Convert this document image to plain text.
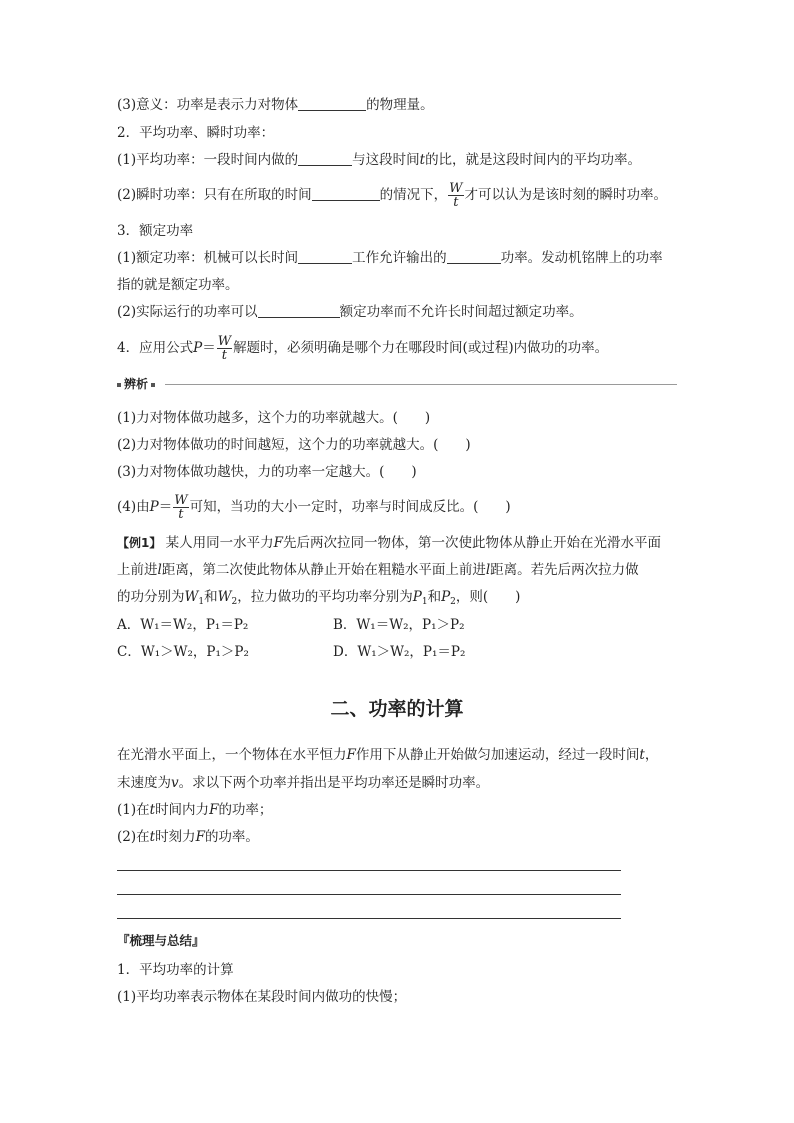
(3)意义：功率是表示力对物体	的物理量。
2．平均功率、瞬时功率：
(1)平均功率：一段时间内做的	与这段时间t的比，就是这段时间内的平均功率。
(2)瞬时功率：只有在所取的时间	的情况下， $\frac{W}{t}$ 才可以认为是该时刻的瞬时功率。
3．额定功率
(1)额定功率：机械可以长时间	工作允许输出的	功率。发动机铭牌上的功率
指的就是额定功率。
(2)实际运行的功率可以	额定功率而不允许长时间超过额定功率。
4．应用公式$P= \frac{W}{t}$ 解题时，必须明确是哪个力在哪段时间(或过程)内做功的功率。
辨析
(1)力对物体做功越多，这个力的功率就越大。(　　)
(2)力对物体做功的时间越短，这个力的功率就越大。(　　)
(3)力对物体做功越快，力的功率一定越大。(　　)
(4)由$P= \frac{W}{t}$ 可知，当功的大小一定时，功率与时间成反比。(　　)
【例1】 某人用同一水平力F先后两次拉同一物体，第一次使此物体从静止开始在光滑水平面
上前进l距离，第二次使此物体从静止开始在粗糙水平面上前进l距离。若先后两次拉力做
的功分别为$W_1$和$W_2$，拉力做功的平均功率分别为$P_1$和$P_2$，则(　　)
A．W₁＝W₂，P₁＝P₂	B．W₁＝W₂，P₁＞P₂
C．W₁＞W₂，P₁＞P₂	D．W₁＞W₂，P₁＝P₂
二、功率的计算
在光滑水平面上，一个物体在水平恒力F作用下从静止开始做匀加速运动，经过一段时间t，
末速度为v。求以下两个功率并指出是平均功率还是瞬时功率。
(1)在t时间内力F的功率；
(2)在t时刻力F的功率。
『梳理与总结』
1．平均功率的计算
(1)平均功率表示物体在某段时间内做功的快慢；
